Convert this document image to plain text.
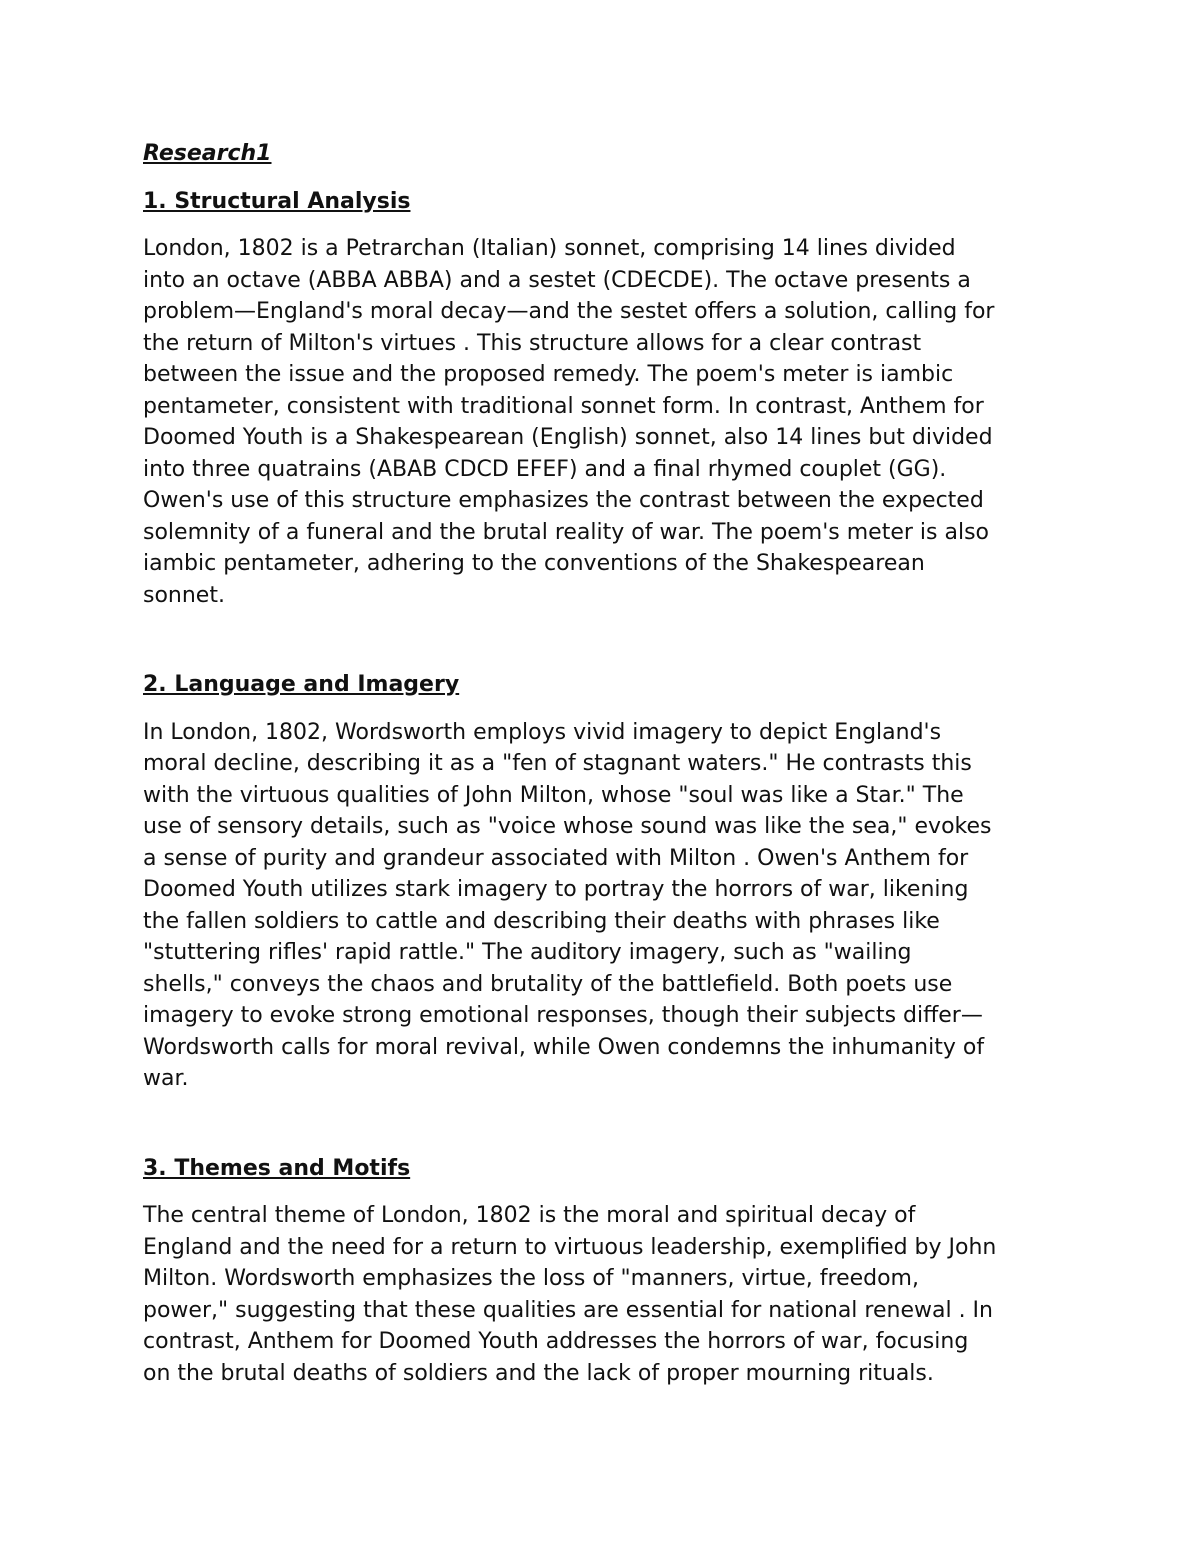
Research1
1. Structural Analysis
London, 1802 is a Petrarchan (Italian) sonnet, comprising 14 lines divided
into an octave (ABBA ABBA) and a sestet (CDECDE). The octave presents a
problem—England's moral decay—and the sestet offers a solution, calling for
the return of Milton's virtues . This structure allows for a clear contrast
between the issue and the proposed remedy. The poem's meter is iambic
pentameter, consistent with traditional sonnet form. In contrast, Anthem for
Doomed Youth is a Shakespearean (English) sonnet, also 14 lines but divided
into three quatrains (ABAB CDCD EFEF) and a final rhymed couplet (GG).
Owen's use of this structure emphasizes the contrast between the expected
solemnity of a funeral and the brutal reality of war. The poem's meter is also
iambic pentameter, adhering to the conventions of the Shakespearean
sonnet.
2. Language and Imagery
In London, 1802, Wordsworth employs vivid imagery to depict England's
moral decline, describing it as a "fen of stagnant waters." He contrasts this
with the virtuous qualities of John Milton, whose "soul was like a Star." The
use of sensory details, such as "voice whose sound was like the sea," evokes
a sense of purity and grandeur associated with Milton . Owen's Anthem for
Doomed Youth utilizes stark imagery to portray the horrors of war, likening
the fallen soldiers to cattle and describing their deaths with phrases like
"stuttering rifles' rapid rattle." The auditory imagery, such as "wailing
shells," conveys the chaos and brutality of the battlefield. Both poets use
imagery to evoke strong emotional responses, though their subjects differ—
Wordsworth calls for moral revival, while Owen condemns the inhumanity of
war.
3. Themes and Motifs
The central theme of London, 1802 is the moral and spiritual decay of
England and the need for a return to virtuous leadership, exemplified by John
Milton. Wordsworth emphasizes the loss of "manners, virtue, freedom,
power," suggesting that these qualities are essential for national renewal . In
contrast, Anthem for Doomed Youth addresses the horrors of war, focusing
on the brutal deaths of soldiers and the lack of proper mourning rituals.
